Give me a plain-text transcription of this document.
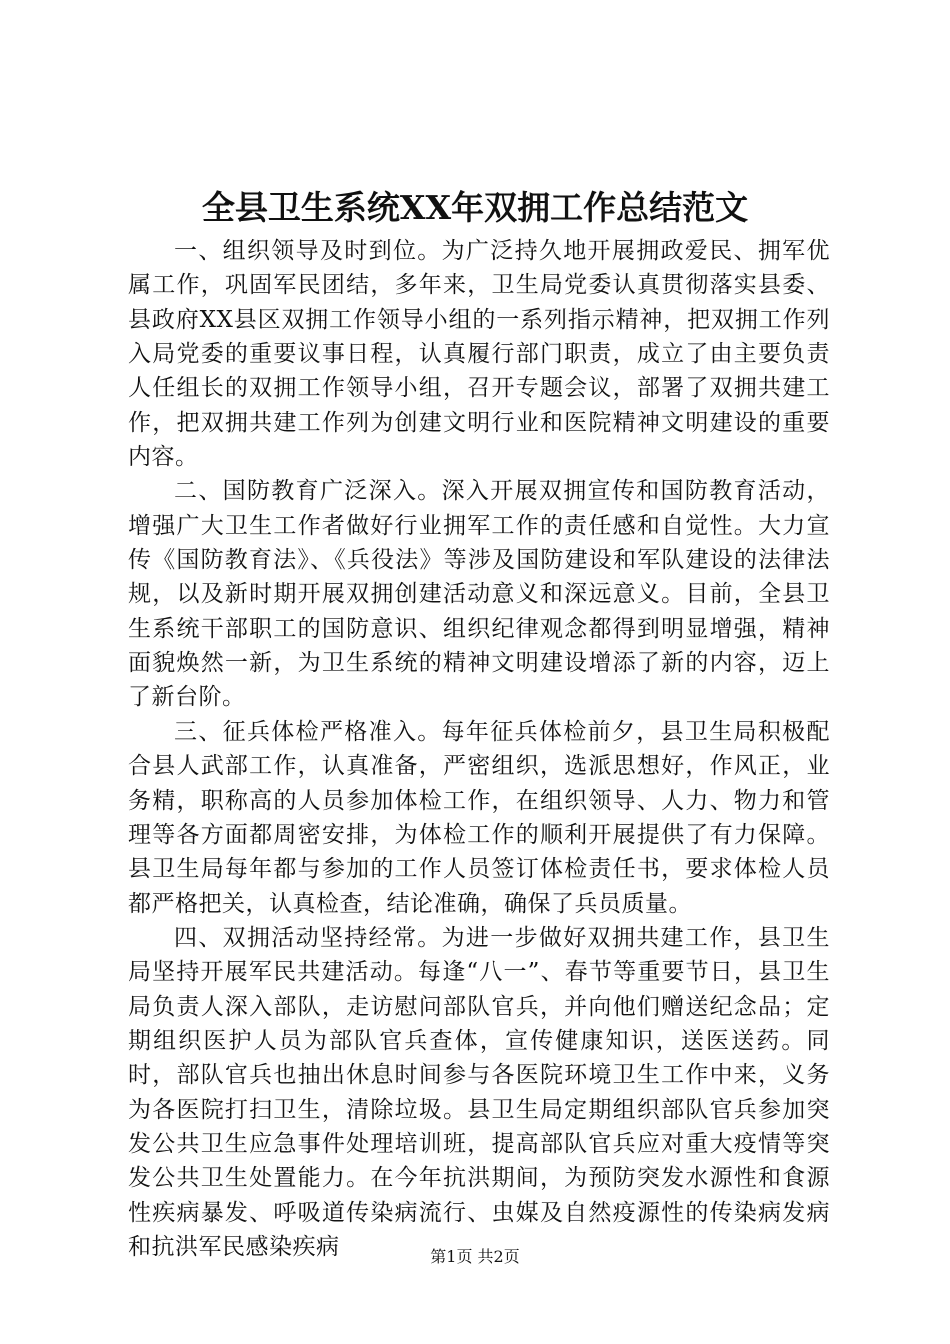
全县卫生系统XX年双拥工作总结范文

一、组织领导及时到位。为广泛持久地开展拥政爱民、拥军优属工作，巩固军民团结，多年来，卫生局党委认真贯彻落实县委、县政府XX县区双拥工作领导小组的一系列指示精神，把双拥工作列入局党委的重要议事日程，认真履行部门职责，成立了由主要负责人任组长的双拥工作领导小组，召开专题会议，部署了双拥共建工作，把双拥共建工作列为创建文明行业和医院精神文明建设的重要内容。

二、国防教育广泛深入。深入开展双拥宣传和国防教育活动，增强广大卫生工作者做好行业拥军工作的责任感和自觉性。大力宣传《国防教育法》、《兵役法》等涉及国防建设和军队建设的法律法规，以及新时期开展双拥创建活动意义和深远意义。目前，全县卫生系统干部职工的国防意识、组织纪律观念都得到明显增强，精神面貌焕然一新，为卫生系统的精神文明建设增添了新的内容，迈上了新台阶。

三、征兵体检严格准入。每年征兵体检前夕，县卫生局积极配合县人武部工作，认真准备，严密组织，选派思想好，作风正，业务精，职称高的人员参加体检工作，在组织领导、人力、物力和管理等各方面都周密安排，为体检工作的顺利开展提供了有力保障。县卫生局每年都与参加的工作人员签订体检责任书，要求体检人员都严格把关，认真检查，结论准确，确保了兵员质量。

四、双拥活动坚持经常。为进一步做好双拥共建工作，县卫生局坚持开展军民共建活动。每逢“八一”、春节等重要节日，县卫生局负责人深入部队，走访慰问部队官兵，并向他们赠送纪念品；定期组织医护人员为部队官兵查体，宣传健康知识，送医送药。同时，部队官兵也抽出休息时间参与各医院环境卫生工作中来，义务为各医院打扫卫生，清除垃圾。县卫生局定期组织部队官兵参加突发公共卫生应急事件处理培训班，提高部队官兵应对重大疫情等突发公共卫生处置能力。在今年抗洪期间，为预防突发水源性和食源性疾病暴发、呼吸道传染病流行、虫媒及自然疫源性的传染病发病和抗洪军民感染疾病	第1页 共2页
